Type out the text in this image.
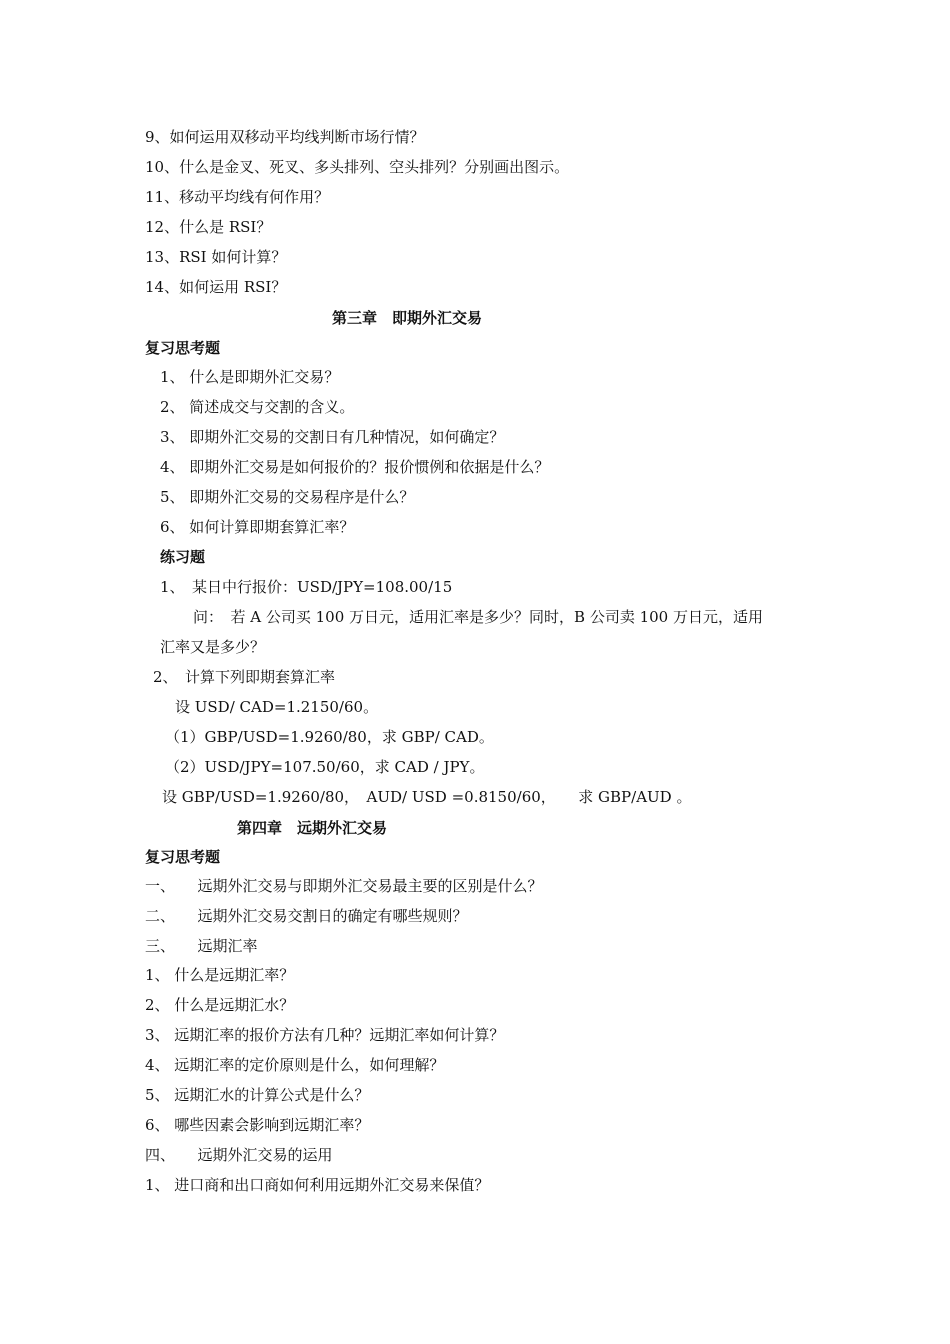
9、如何运用双移动平均线判断市场行情？
10、什么是金叉、死叉、多头排列、空头排列？分别画出图示。
11、移动平均线有何作用？
12、什么是 RSI？
13、RSI 如何计算？
14、如何运用 RSI？
第三章　即期外汇交易
复习思考题
1、 什么是即期外汇交易？
2、 简述成交与交割的含义。
3、 即期外汇交易的交割日有几种情况，如何确定？
4、 即期外汇交易是如何报价的？报价惯例和依据是什么？
5、 即期外汇交易的交易程序是什么？
6、 如何计算即期套算汇率？
练习题
1、　某日中行报价：USD/JPY=108.00/15
问：　若 A 公司买 100 万日元，适用汇率是多少？同时，B 公司卖 100 万日元，适用
汇率又是多少？
2、　计算下列即期套算汇率
设 USD/ CAD=1.2150/60。
（1）GBP/USD=1.9260/80，求 GBP/ CAD。
（2）USD/JPY=107.50/60，求 CAD / JPY。
设 GBP/USD=1.9260/80，　AUD/ USD =0.8150/60，　　求 GBP/AUD 。
第四章　远期外汇交易
复习思考题
一、　　远期外汇交易与即期外汇交易最主要的区别是什么？
二、　　远期外汇交易交割日的确定有哪些规则？
三、　　远期汇率
1、 什么是远期汇率？
2、 什么是远期汇水？
3、 远期汇率的报价方法有几种？远期汇率如何计算？
4、 远期汇率的定价原则是什么，如何理解？
5、 远期汇水的计算公式是什么？
6、 哪些因素会影响到远期汇率？
四、　　远期外汇交易的运用
1、 进口商和出口商如何利用远期外汇交易来保值？
